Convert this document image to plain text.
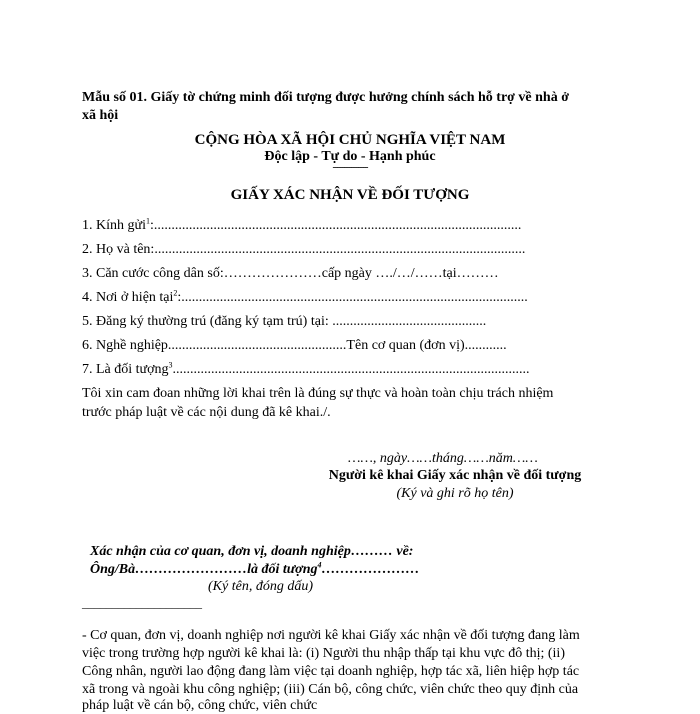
Mẫu số 01. Giấy tờ chứng minh đối tượng được hưởng chính sách hỗ trợ về nhà ở
xã hội
CỘNG HÒA XÃ HỘI CHỦ NGHĨA VIỆT NAM
Độc lập - Tự do - Hạnh phúc
---------------
GIẤY XÁC NHẬN VỀ ĐỐI TƯỢNG
1. Kính gửi$^1$:.........................................................................................................
2. Họ và tên:..........................................................................................................
3. Căn cước công dân số:…………………cấp ngày …./…/……tại………
4. Nơi ở hiện tại$^2$:...................................................................................................
5. Đăng ký thường trú (đăng ký tạm trú) tại: ............................................
6. Nghề nghiệp...................................................Tên cơ quan (đơn vị)............
7. Là đối tượng$^3$......................................................................................................
Tôi xin cam đoan những lời khai trên là đúng sự thực và hoàn toàn chịu trách nhiệm
trước pháp luật về các nội dung đã kê khai./.
……, ngày……tháng……năm……
Người kê khai Giấy xác nhận về đối tượng
(Ký và ghi rõ họ tên)
Xác nhận của cơ quan, đơn vị, doanh nghiệp……… về:
Ông/Bà……………………là đối tượng$^4$…………………
(Ký tên, đóng dấu)
____________________
- Cơ quan, đơn vị, doanh nghiệp nơi người kê khai Giấy xác nhận về đối tượng đang làm
việc trong trường hợp người kê khai là: (i) Người thu nhập thấp tại khu vực đô thị; (ii)
Công nhân, người lao động đang làm việc tại doanh nghiệp, hợp tác xã, liên hiệp hợp tác
xã trong và ngoài khu công nghiệp; (iii) Cán bộ, công chức, viên chức theo quy định của
pháp luật về cán bộ, công chức, viên chức
